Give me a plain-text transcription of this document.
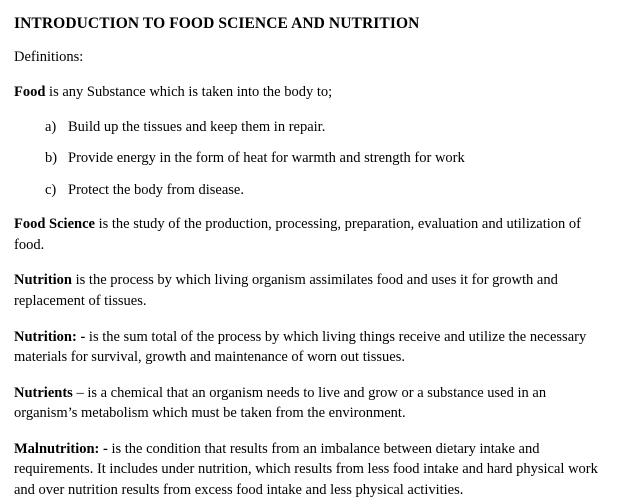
INTRODUCTION TO FOOD SCIENCE AND NUTRITION

Definitions:

Food is any Substance which is taken into the body to;

a) Build up the tissues and keep them in repair.
b) Provide energy in the form of heat for warmth and strength for work
c) Protect the body from disease.

Food Science is the study of the production, processing, preparation, evaluation and utilization of food.

Nutrition is the process by which living organism assimilates food and uses it for growth and replacement of tissues.

Nutrition: - is the sum total of the process by which living things receive and utilize the necessary materials for survival, growth and maintenance of worn out tissues.

Nutrients – is a chemical that an organism needs to live and grow or a substance used in an organism’s metabolism which must be taken from the environment.

Malnutrition: - is the condition that results from an imbalance between dietary intake and requirements. It includes under nutrition, which results from less food intake and hard physical work and over nutrition results from excess food intake and less physical activities.
